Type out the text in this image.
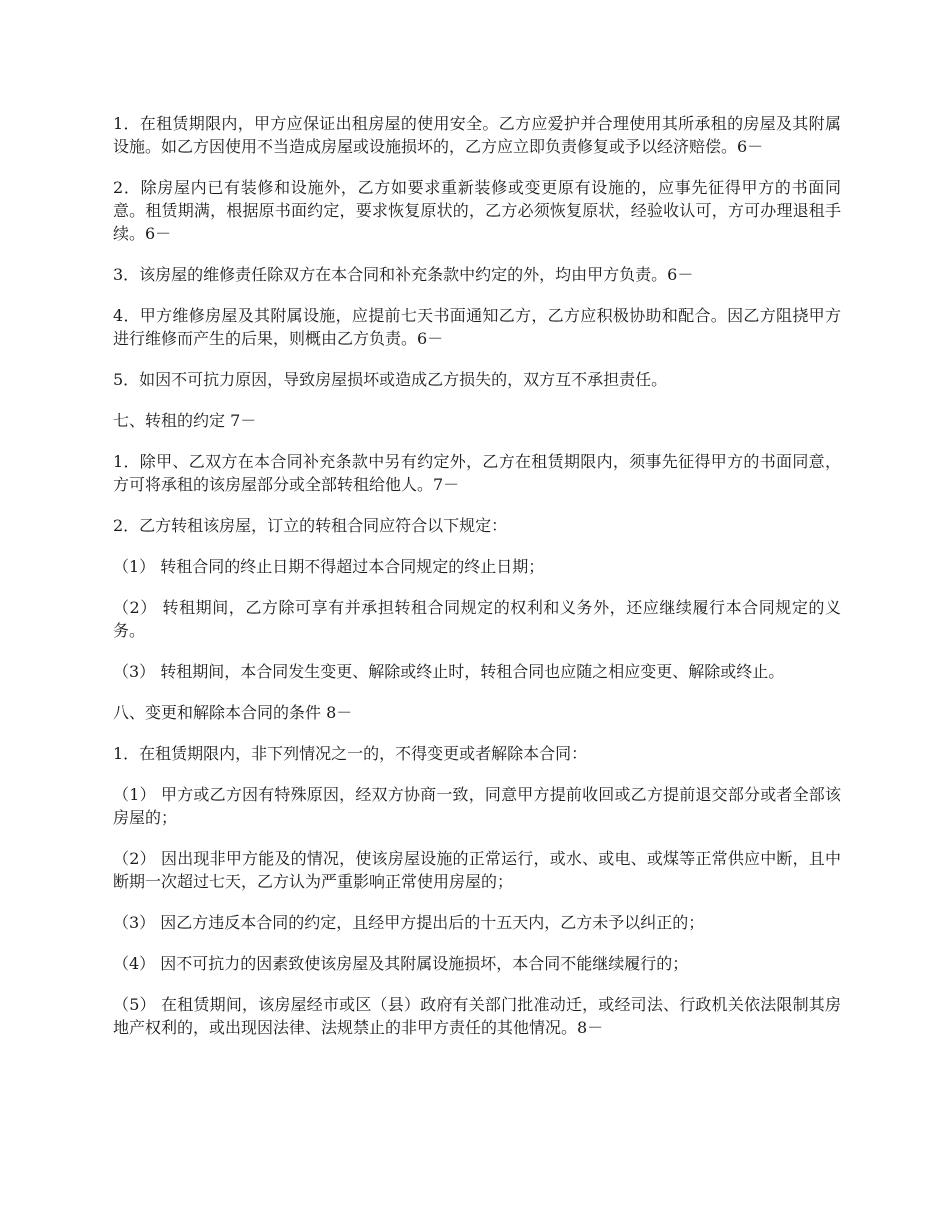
1．在租赁期限内，甲方应保证出租房屋的使用安全。乙方应爱护并合理使用其所承租的房屋及其附属设施。如乙方因使用不当造成房屋或设施损坏的，乙方应立即负责修复或予以经济赔偿。6－

2．除房屋内已有装修和设施外，乙方如要求重新装修或变更原有设施的，应事先征得甲方的书面同意。租赁期满，根据原书面约定，要求恢复原状的，乙方必须恢复原状，经验收认可，方可办理退租手续。6－

3．该房屋的维修责任除双方在本合同和补充条款中约定的外，均由甲方负责。6－

4．甲方维修房屋及其附属设施，应提前七天书面通知乙方，乙方应积极协助和配合。因乙方阻挠甲方进行维修而产生的后果，则概由乙方负责。6－

5．如因不可抗力原因，导致房屋损坏或造成乙方损失的，双方互不承担责任。

七、转租的约定 7－

1．除甲、乙双方在本合同补充条款中另有约定外，乙方在租赁期限内，须事先征得甲方的书面同意，方可将承租的该房屋部分或全部转租给他人。7－

2．乙方转租该房屋，订立的转租合同应符合以下规定：

（1） 转租合同的终止日期不得超过本合同规定的终止日期；

（2） 转租期间，乙方除可享有并承担转租合同规定的权利和义务外，还应继续履行本合同规定的义务。

（3） 转租期间，本合同发生变更、解除或终止时，转租合同也应随之相应变更、解除或终止。

八、变更和解除本合同的条件 8－

1．在租赁期限内，非下列情况之一的，不得变更或者解除本合同：

（1） 甲方或乙方因有特殊原因，经双方协商一致，同意甲方提前收回或乙方提前退交部分或者全部该房屋的；

（2） 因出现非甲方能及的情况，使该房屋设施的正常运行，或水、或电、或煤等正常供应中断，且中断期一次超过七天，乙方认为严重影响正常使用房屋的；

（3） 因乙方违反本合同的约定，且经甲方提出后的十五天内，乙方未予以纠正的；

（4） 因不可抗力的因素致使该房屋及其附属设施损坏，本合同不能继续履行的；

（5） 在租赁期间，该房屋经市或区（县）政府有关部门批准动迁，或经司法、行政机关依法限制其房地产权利的，或出现因法律、法规禁止的非甲方责任的其他情况。8－
